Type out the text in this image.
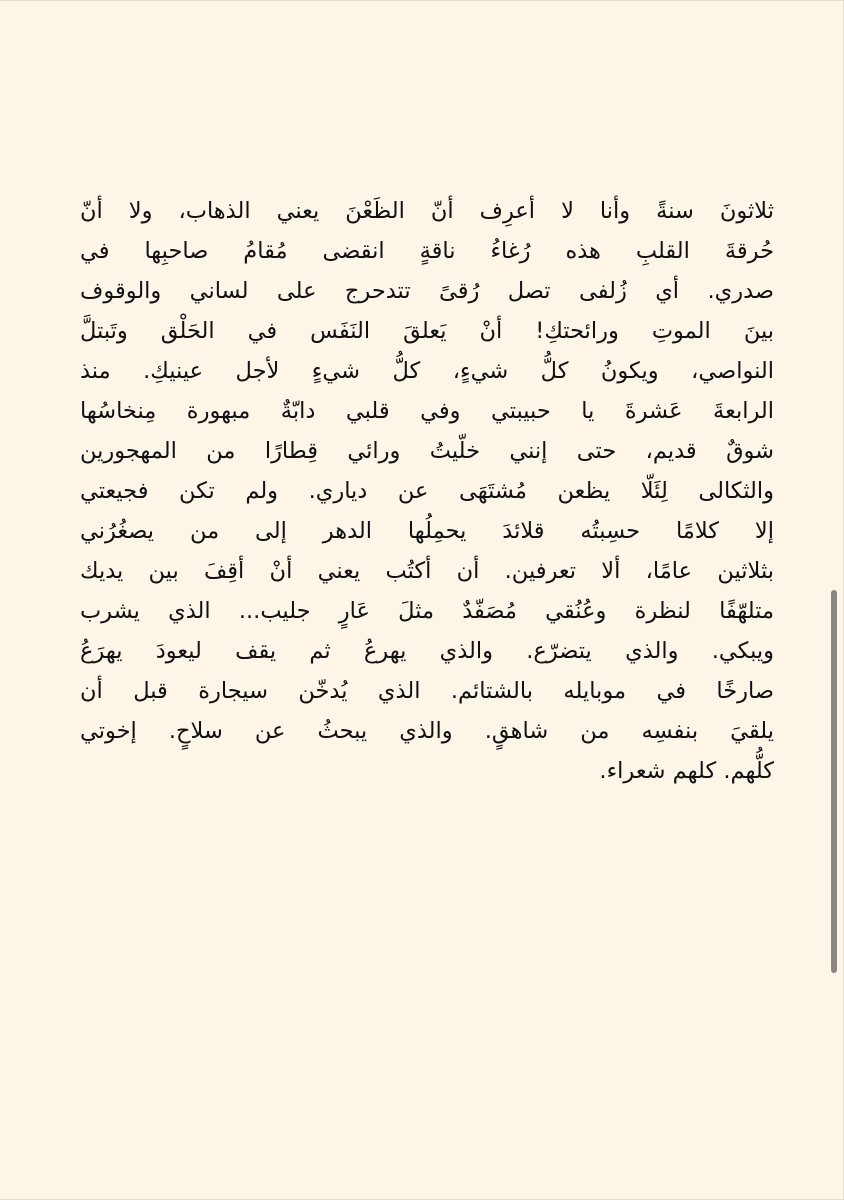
ثلاثونَ سنةً وأنا لا أعرِف أنّ الظَعْنَ يعني الذهاب، ولا أنّ
حُرقةَ القلبِ هذه رُغاءُ ناقةٍ انقضى مُقامُ صاحبِها في
صدري. أي زُلفى تصل رُقىً تتدحرج على لساني والوقوف
بينَ الموتِ ورائحتكِ! أنْ يَعلقَ النَفَس في الحَلْق وتَبتلَّ
النواصي، ويكونُ كلُّ شيءٍ، كلُّ شيءٍ لأجل عينيكِ. منذ
الرابعةَ عَشرةَ يا حبيبتي وفي قلبي دابّةٌ مبهورة مِنخاسُها
شوقٌ قديم، حتى إنني خلّيتُ ورائي قِطارًا من المهجورين
والثكالى لِئَلّا يظعن مُشتَهَى عن دياري. ولم تكن فجيعتي
إلا كلامًا حسِبتُه قلائدَ يحمِلُها الدهر إلى من يصغُرُني
بثلاثين عامًا، ألا تعرفين. أن أكتُب يعني أنْ أقِفَ بين يديك
متلهّفًا لنظرة وعُنُقي مُصَفّدٌ مثلَ عَارٍ جليب... الذي يشرب
ويبكي. والذي يتضرّع. والذي يهرعُ ثم يقف ليعودَ يهرَعُ
صارخًا في موبايله بالشتائم. الذي يُدخّن سيجارة قبل أن
يلقيَ بنفسِه من شاهقٍ. والذي يبحثُ عن سلاحٍ. إخوتي
كلُّهم. كلهم شعراء.
